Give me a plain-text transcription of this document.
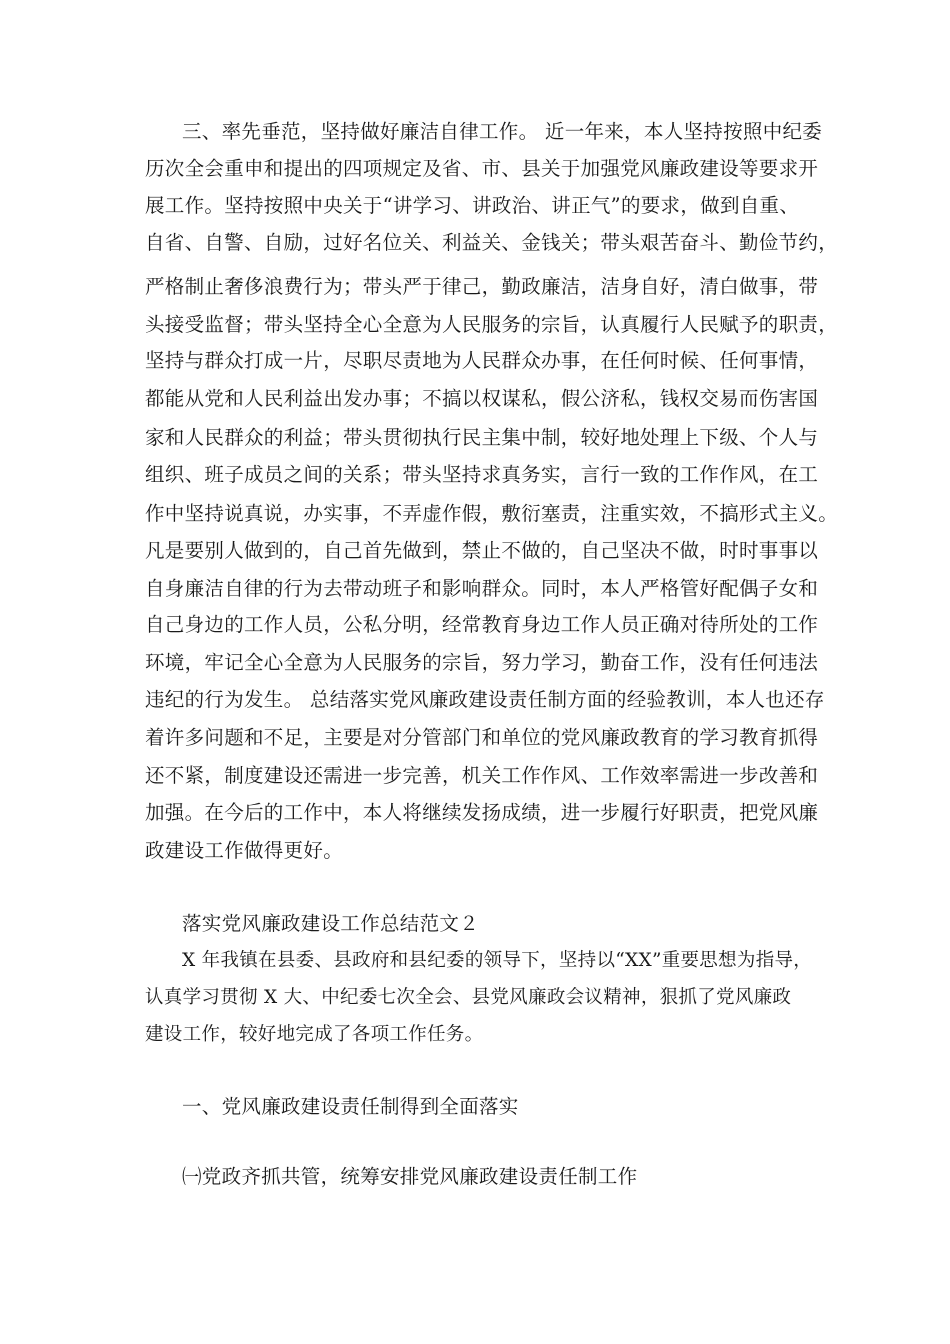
三、率先垂范，坚持做好廉洁自律工作。 近一年来，本人坚持按照中纪委
历次全会重申和提出的四项规定及省、市、县关于加强党风廉政建设等要求开
展工作。坚持按照中央关于“讲学习、讲政治、讲正气”的要求，做到自重、
自省、自警、自励，过好名位关、利益关、金钱关；带头艰苦奋斗、勤俭节约，
严格制止奢侈浪费行为；带头严于律己，勤政廉洁，洁身自好，清白做事，带
头接受监督；带头坚持全心全意为人民服务的宗旨，认真履行人民赋予的职责，
坚持与群众打成一片，尽职尽责地为人民群众办事，在任何时候、任何事情，
都能从党和人民利益出发办事；不搞以权谋私，假公济私，钱权交易而伤害国
家和人民群众的利益；带头贯彻执行民主集中制，较好地处理上下级、个人与
组织、班子成员之间的关系；带头坚持求真务实，言行一致的工作作风，在工
作中坚持说真说，办实事，不弄虚作假，敷衍塞责，注重实效，不搞形式主义。
凡是要别人做到的，自己首先做到，禁止不做的，自己坚决不做，时时事事以
自身廉洁自律的行为去带动班子和影响群众。同时，本人严格管好配偶子女和
自己身边的工作人员，公私分明，经常教育身边工作人员正确对待所处的工作
环境，牢记全心全意为人民服务的宗旨，努力学习，勤奋工作，没有任何违法
违纪的行为发生。 总结落实党风廉政建设责任制方面的经验教训，本人也还存
着许多问题和不足，主要是对分管部门和单位的党风廉政教育的学习教育抓得
还不紧，制度建设还需进一步完善，机关工作作风、工作效率需进一步改善和
加强。在今后的工作中，本人将继续发扬成绩，进一步履行好职责，把党风廉
政建设工作做得更好。
落实党风廉政建设工作总结范文２
X 年我镇在县委、县政府和县纪委的领导下，坚持以“XX”重要思想为指导，
认真学习贯彻 X 大、中纪委七次全会、县党风廉政会议精神，狠抓了党风廉政
建设工作，较好地完成了各项工作任务。
一、党风廉政建设责任制得到全面落实
㈠党政齐抓共管，统筹安排党风廉政建设责任制工作
